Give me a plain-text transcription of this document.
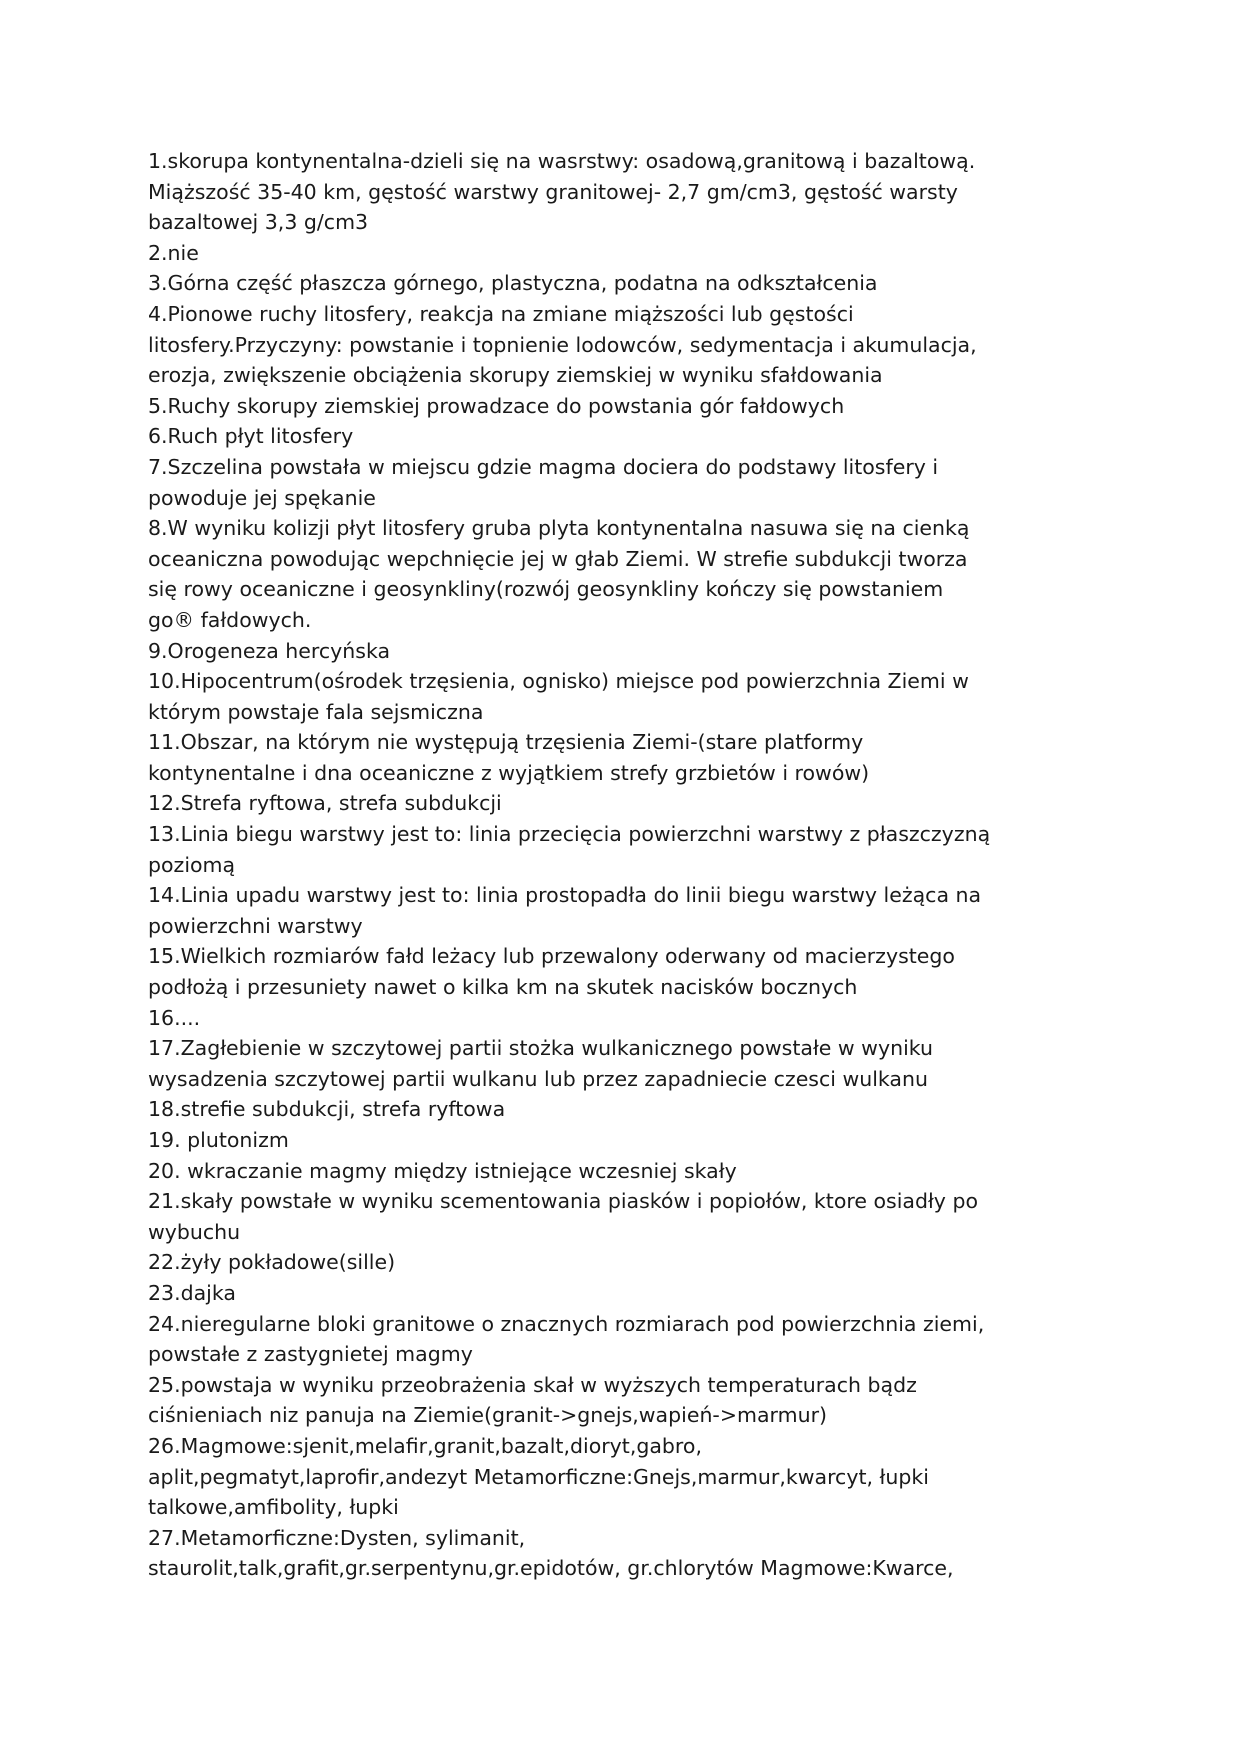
1.skorupa kontynentalna-dzieli się na wasrstwy: osadową,granitową i bazaltową.
Miąższość 35-40 km, gęstość warstwy granitowej- 2,7 gm/cm3, gęstość warsty
bazaltowej 3,3 g/cm3
2.nie
3.Górna część płaszcza górnego, plastyczna, podatna na odkształcenia
4.Pionowe ruchy litosfery, reakcja na zmiane miąższości lub gęstości
litosfery.Przyczyny: powstanie i topnienie lodowców, sedymentacja i akumulacja,
erozja, zwiększenie obciążenia skorupy ziemskiej w wyniku sfałdowania
5.Ruchy skorupy ziemskiej prowadzace do powstania gór fałdowych
6.Ruch płyt litosfery
7.Szczelina powstała w miejscu gdzie magma dociera do podstawy litosfery i
powoduje jej spękanie
8.W wyniku kolizji płyt litosfery gruba plyta kontynentalna nasuwa się na cienką
oceaniczna powodując wepchnięcie jej w głab Ziemi. W strefie subdukcji tworza
się rowy oceaniczne i geosynkliny(rozwój geosynkliny kończy się powstaniem
go® fałdowych.
9.Orogeneza hercyńska
10.Hipocentrum(ośrodek trzęsienia, ognisko) miejsce pod powierzchnia Ziemi w
którym powstaje fala sejsmiczna
11.Obszar, na którym nie występują trzęsienia Ziemi-(stare platformy
kontynentalne i dna oceaniczne z wyjątkiem strefy grzbietów i rowów)
12.Strefa ryftowa, strefa subdukcji
13.Linia biegu warstwy jest to: linia przecięcia powierzchni warstwy z płaszczyzną
poziomą
14.Linia upadu warstwy jest to: linia prostopadła do linii biegu warstwy leżąca na
powierzchni warstwy
15.Wielkich rozmiarów fałd leżacy lub przewalony oderwany od macierzystego
podłożą i przesuniety nawet o kilka km na skutek nacisków bocznych
16....
17.Zagłebienie w szczytowej partii stożka wulkanicznego powstałe w wyniku
wysadzenia szczytowej partii wulkanu lub przez zapadniecie czesci wulkanu
18.strefie subdukcji, strefa ryftowa
19. plutonizm
20. wkraczanie magmy między istniejące wczesniej skały
21.skały powstałe w wyniku scementowania piasków i popiołów, ktore osiadły po
wybuchu
22.żyły pokładowe(sille)
23.dajka
24.nieregularne bloki granitowe o znacznych rozmiarach pod powierzchnia ziemi,
powstałe z zastygnietej magmy
25.powstaja w wyniku przeobrażenia skał w wyższych temperaturach bądz
ciśnieniach niz panuja na Ziemie(granit->gnejs,wapień->marmur)
26.Magmowe:sjenit,melafir,granit,bazalt,dioryt,gabro,
aplit,pegmatyt,laprofir,andezyt Metamorficzne:Gnejs,marmur,kwarcyt, łupki
talkowe,amfibolity, łupki
27.Metamorficzne:Dysten, sylimanit,
staurolit,talk,grafit,gr.serpentynu,gr.epidotów, gr.chlorytów Magmowe:Kwarce,
